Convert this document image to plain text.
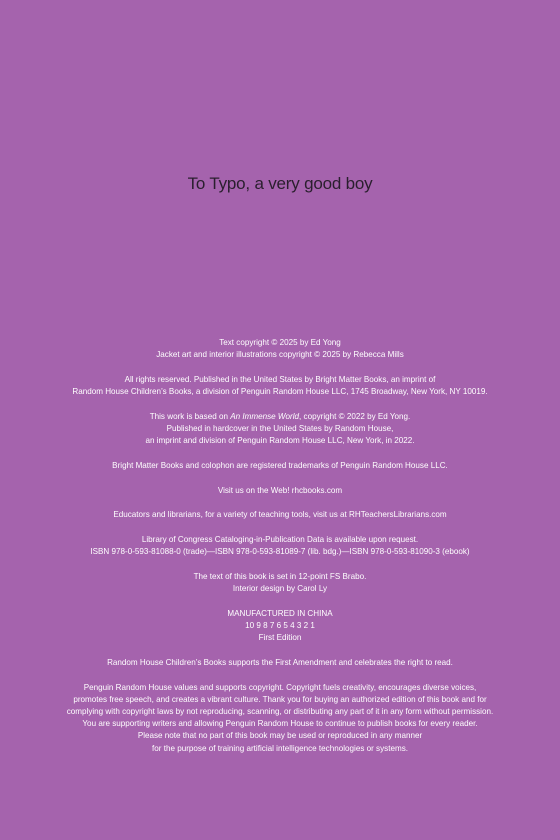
To Typo, a very good boy
Text copyright © 2025 by Ed Yong
Jacket art and interior illustrations copyright © 2025 by Rebecca Mills
All rights reserved. Published in the United States by Bright Matter Books, an imprint of
Random House Children’s Books, a division of Penguin Random House LLC, 1745 Broadway, New York, NY 10019.
This work is based on An Immense World, copyright © 2022 by Ed Yong.
Published in hardcover in the United States by Random House,
an imprint and division of Penguin Random House LLC, New York, in 2022.
Bright Matter Books and colophon are registered trademarks of Penguin Random House LLC.
Visit us on the Web! rhcbooks.com
Educators and librarians, for a variety of teaching tools, visit us at RHTeachersLibrarians.com
Library of Congress Cataloging-in-Publication Data is available upon request.
ISBN 978-0-593-81088-0 (trade)—ISBN 978-0-593-81089-7 (lib. bdg.)—ISBN 978-0-593-81090-3 (ebook)
The text of this book is set in 12-point FS Brabo.
Interior design by Carol Ly
MANUFACTURED IN CHINA
10 9 8 7 6 5 4 3 2 1
First Edition
Random House Children’s Books supports the First Amendment and celebrates the right to read.
Penguin Random House values and supports copyright. Copyright fuels creativity, encourages diverse voices,
promotes free speech, and creates a vibrant culture. Thank you for buying an authorized edition of this book and for
complying with copyright laws by not reproducing, scanning, or distributing any part of it in any form without permission.
You are supporting writers and allowing Penguin Random House to continue to publish books for every reader.
Please note that no part of this book may be used or reproduced in any manner
for the purpose of training artificial intelligence technologies or systems.
